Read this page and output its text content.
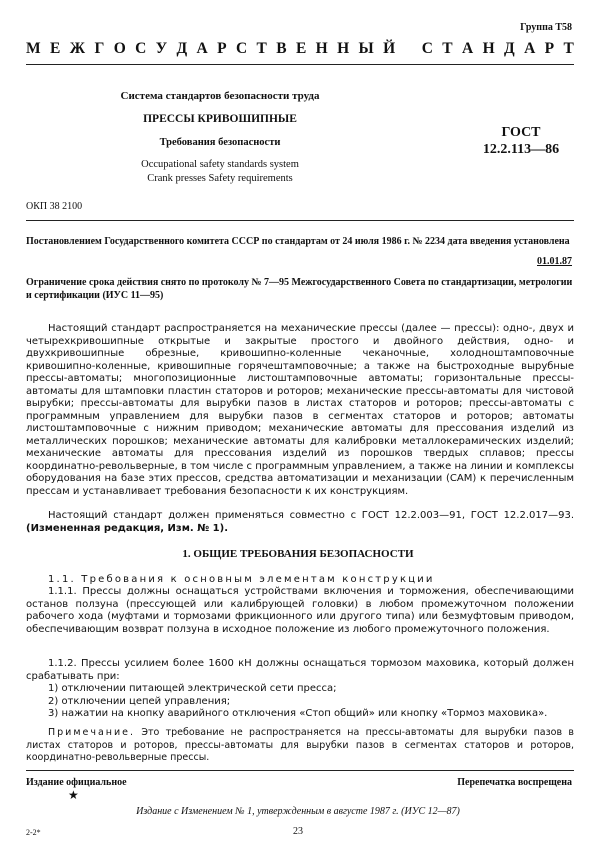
Группа Т58
М Е Ж Г О С У Д А Р С Т В Е Н Н Ы Й
С Т А Н Д А Р Т
Система стандартов безопасности труда
ПРЕССЫ КРИВОШИПНЫЕ
Требования безопасности
Occupational safety standards system
Crank presses Safety requirements
ГОСТ
12.2.113—86
ОКП 38 2100
Постановлением Государственного комитета СССР по стандартам от 24 июля 1986 г. № 2234 дата введения установлена
01.01.87
Ограничение срока действия снято по протоколу № 7—95 Межгосударственного Совета по стандартизации, метрологии и сертификации (ИУС 11—95)
Настоящий стандарт распространяется на механические прессы (далее — прессы): одно-, двух и четырехкривошипные открытые и закрытые простого и двойного действия, одно- и двухкривошипные обрезные, кривошипно-коленные чеканочные, холодноштамповочные кривошипно-коленные, кривошипные горячештамповочные; а также на быстроходные вырубные прессы-автоматы; многопозиционные листоштамповочные автоматы; горизонтальные прессы-автоматы для штамповки пластин статоров и роторов; механические прессы-автоматы для чистовой вырубки; прессы-автоматы для вырубки пазов в листах статоров и роторов; прессы-автоматы с программным управлением для вырубки пазов в сегментах статоров и роторов; автоматы листоштамповочные с нижним приводом; механические автоматы для прессования изделий из металлических порошков; механические автоматы для калибровки металлокерамических изделий; механические автоматы для прессования изделий из порошков твердых сплавов; прессы координатно-револьверные, в том числе с программным управлением, а также на линии и комплексы оборудования на базе этих прессов, средства автоматизации и механизации (САМ) к перечисленным прессам и устанавливает требования безопасности к их конструкциям.
Настоящий стандарт должен применяться совместно с ГОСТ 12.2.003—91, ГОСТ 12.2.017—93. (Измененная редакция, Изм. № 1).
1. ОБЩИЕ ТРЕБОВАНИЯ БЕЗОПАСНОСТИ
1.1. Требования к основным элементам конструкции
1.1.1. Прессы должны оснащаться устройствами включения и торможения, обеспечивающими останов ползуна (прессующей или калибрующей головки) в любом промежуточном положении рабочего хода (муфтами и тормозами фрикционного или другого типа) или безмуфтовым приводом, обеспечивающим возврат ползуна в исходное положение из любого промежуточного положения.
1.1.2. Прессы усилием более 1600 кН должны оснащаться тормозом маховика, который должен срабатывать при:
1) отключении питающей электрической сети пресса;
2) отключении цепей управления;
3) нажатии на кнопку аварийного отключения «Стоп общий» или кнопку «Тормоз маховика».
Примечание. Это требование не распространяется на прессы-автоматы для вырубки пазов в листах статоров и роторов, прессы-автоматы для вырубки пазов в сегментах статоров и роторов, координатно-револьверные прессы.
Издание официальное	Перепечатка воспрещена
★
Издание с Изменением № 1, утвержденным в августе 1987 г. (ИУС 12—87)
2-2*	23
